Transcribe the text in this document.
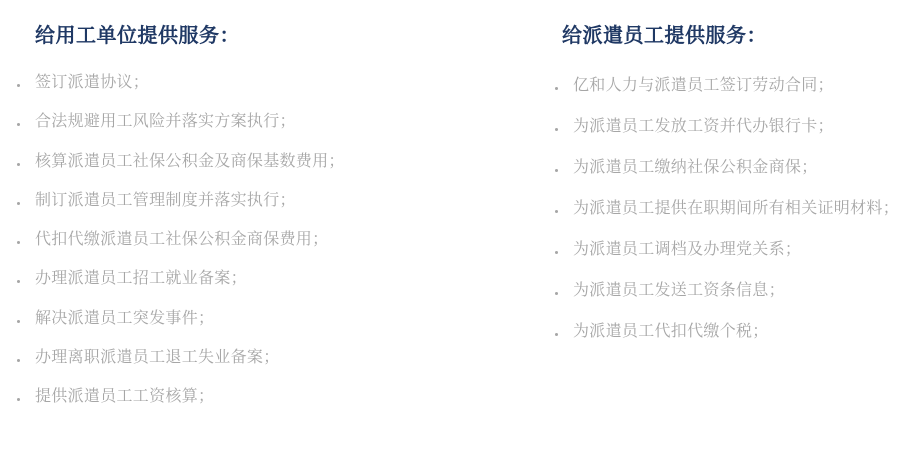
给用工单位提供服务：
签订派遣协议；
合法规避用工风险并落实方案执行；
核算派遣员工社保公积金及商保基数费用；
制订派遣员工管理制度并落实执行；
代扣代缴派遣员工社保公积金商保费用；
办理派遣员工招工就业备案；
解决派遣员工突发事件；
办理离职派遣员工退工失业备案；
提供派遣员工工资核算；
给派遣员工提供服务：
亿和人力与派遣员工签订劳动合同；
为派遣员工发放工资并代办银行卡；
为派遣员工缴纳社保公积金商保；
为派遣员工提供在职期间所有相关证明材料；
为派遣员工调档及办理党关系；
为派遣员工发送工资条信息；
为派遣员工代扣代缴个税；
